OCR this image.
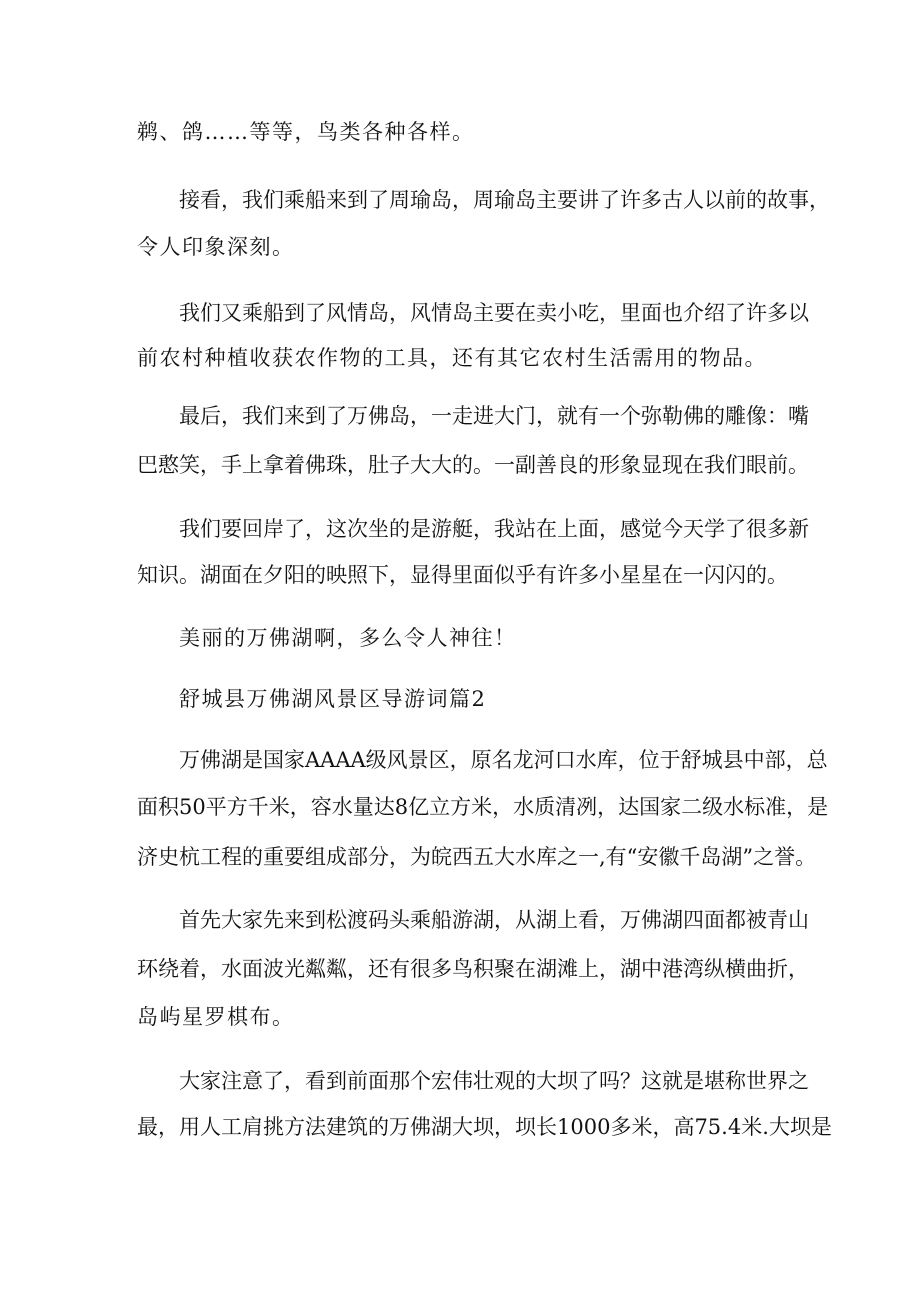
鹈、鸽……等等，鸟类各种各样。
接看，我们乘船来到了周瑜岛，周瑜岛主要讲了许多古人以前的故事，
令人印象深刻。
我们又乘船到了风情岛，风情岛主要在卖小吃，里面也介绍了许多以
前农村种植收获农作物的工具，还有其它农村生活需用的物品。
最后，我们来到了万佛岛，一走进大门，就有一个弥勒佛的雕像：嘴
巴憨笑，手上拿着佛珠，肚子大大的。一副善良的形象显现在我们眼前。
我们要回岸了，这次坐的是游艇，我站在上面，感觉今天学了很多新
知识。湖面在夕阳的映照下，显得里面似乎有许多小星星在一闪闪的。
美丽的万佛湖啊，多么令人神往！
舒城县万佛湖风景区导游词篇2
万佛湖是国家AAAA级风景区，原名龙河口水库，位于舒城县中部，总
面积50平方千米，容水量达8亿立方米，水质清冽，达国家二级水标准，是
济史杭工程的重要组成部分，为皖西五大水库之一,有“安徽千岛湖”之誉。
首先大家先来到松渡码头乘船游湖，从湖上看，万佛湖四面都被青山
环绕着，水面波光粼粼，还有很多鸟积聚在湖滩上，湖中港湾纵横曲折，
岛屿星罗棋布。
大家注意了，看到前面那个宏伟壮观的大坝了吗？这就是堪称世界之
最，用人工肩挑方法建筑的万佛湖大坝，坝长1000多米，高75.4米.大坝是
